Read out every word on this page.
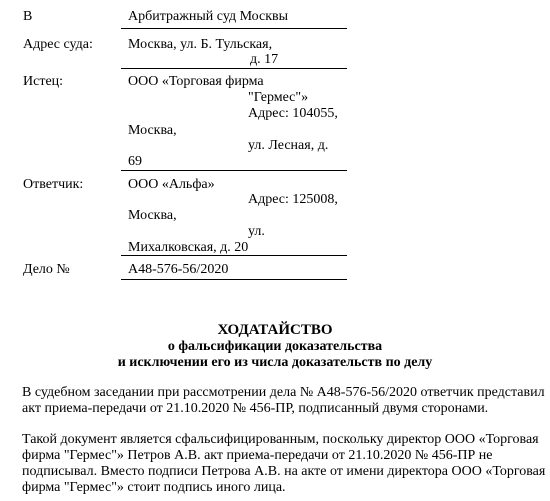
В	Арбитражный суд Москвы
Адрес суда:	Москва, ул. Б. Тульская,
д. 17
Истец:	ООО «Торговая фирма
"Гермес"»
Адрес: 104055,
Москва,
ул. Лесная, д.
69
Ответчик:	ООО «Альфа»
Адрес: 125008,
Москва,
ул.
Михалковская, д. 20
Дело №	А48-576-56/2020
ХОДАТАЙСТВО
о фальсификации доказательства
и исключении его из числа доказательств по делу
В судебном заседании при рассмотрении дела № А48-576-56/2020 ответчик представил
акт приема-передачи от 21.10.2020 № 456-ПР, подписанный двумя сторонами.
Такой документ является сфальсифицированным, поскольку директор ООО «Торговая
фирма "Гермес"» Петров А.В. акт приема-передачи от 21.10.2020 № 456-ПР не
подписывал. Вместо подписи Петрова А.В. на акте от имени директора ООО «Торговая
фирма "Гермес"» стоит подпись иного лица.
